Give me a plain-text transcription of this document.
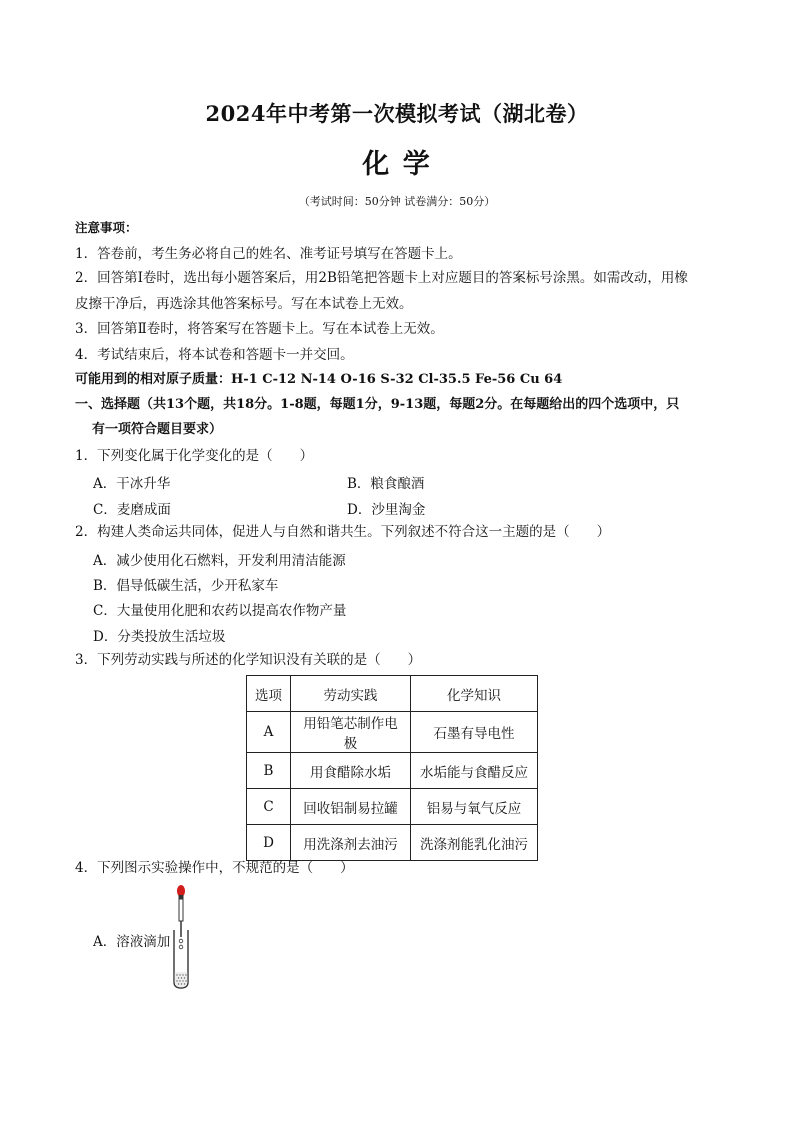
2024年中考第一次模拟考试（湖北卷）
化 学
（考试时间：50分钟 试卷满分：50分）
注意事项：
1．答卷前，考生务必将自己的姓名、准考证号填写在答题卡上。
2．回答第Ⅰ卷时，选出每小题答案后，用2B铅笔把答题卡上对应题目的答案标号涂黑。如需改动，用橡
皮擦干净后，再选涂其他答案标号。写在本试卷上无效。
3．回答第Ⅱ卷时，将答案写在答题卡上。写在本试卷上无效。
4．考试结束后，将本试卷和答题卡一并交回。
可能用到的相对原子质量：H-1 C-12 N-14 O-16 S-32 Cl-35.5 Fe-56 Cu 64
一、选择题（共13个题，共18分。1-8题，每题1分，9-13题，每题2分。在每题给出的四个选项中，只
有一项符合题目要求）
1．下列变化属于化学变化的是（　　）
A．干冰升华	B．粮食酿酒
C．麦磨成面	D．沙里淘金
2．构建人类命运共同体，促进人与自然和谐共生。下列叙述不符合这一主题的是（　　）
A．减少使用化石燃料，开发利用清洁能源
B．倡导低碳生活，少开私家车
C．大量使用化肥和农药以提高农作物产量
D．分类投放生活垃圾
3．下列劳动实践与所述的化学知识没有关联的是（　　）
选项	劳动实践	化学知识
A	用铅笔芯制作电极	石墨有导电性
B	用食醋除水垢	水垢能与食醋反应
C	回收铝制易拉罐	铝易与氧气反应
D	用洗涤剂去油污	洗涤剂能乳化油污
4．下列图示实验操作中，不规范的是（　　）
A．溶液滴加
